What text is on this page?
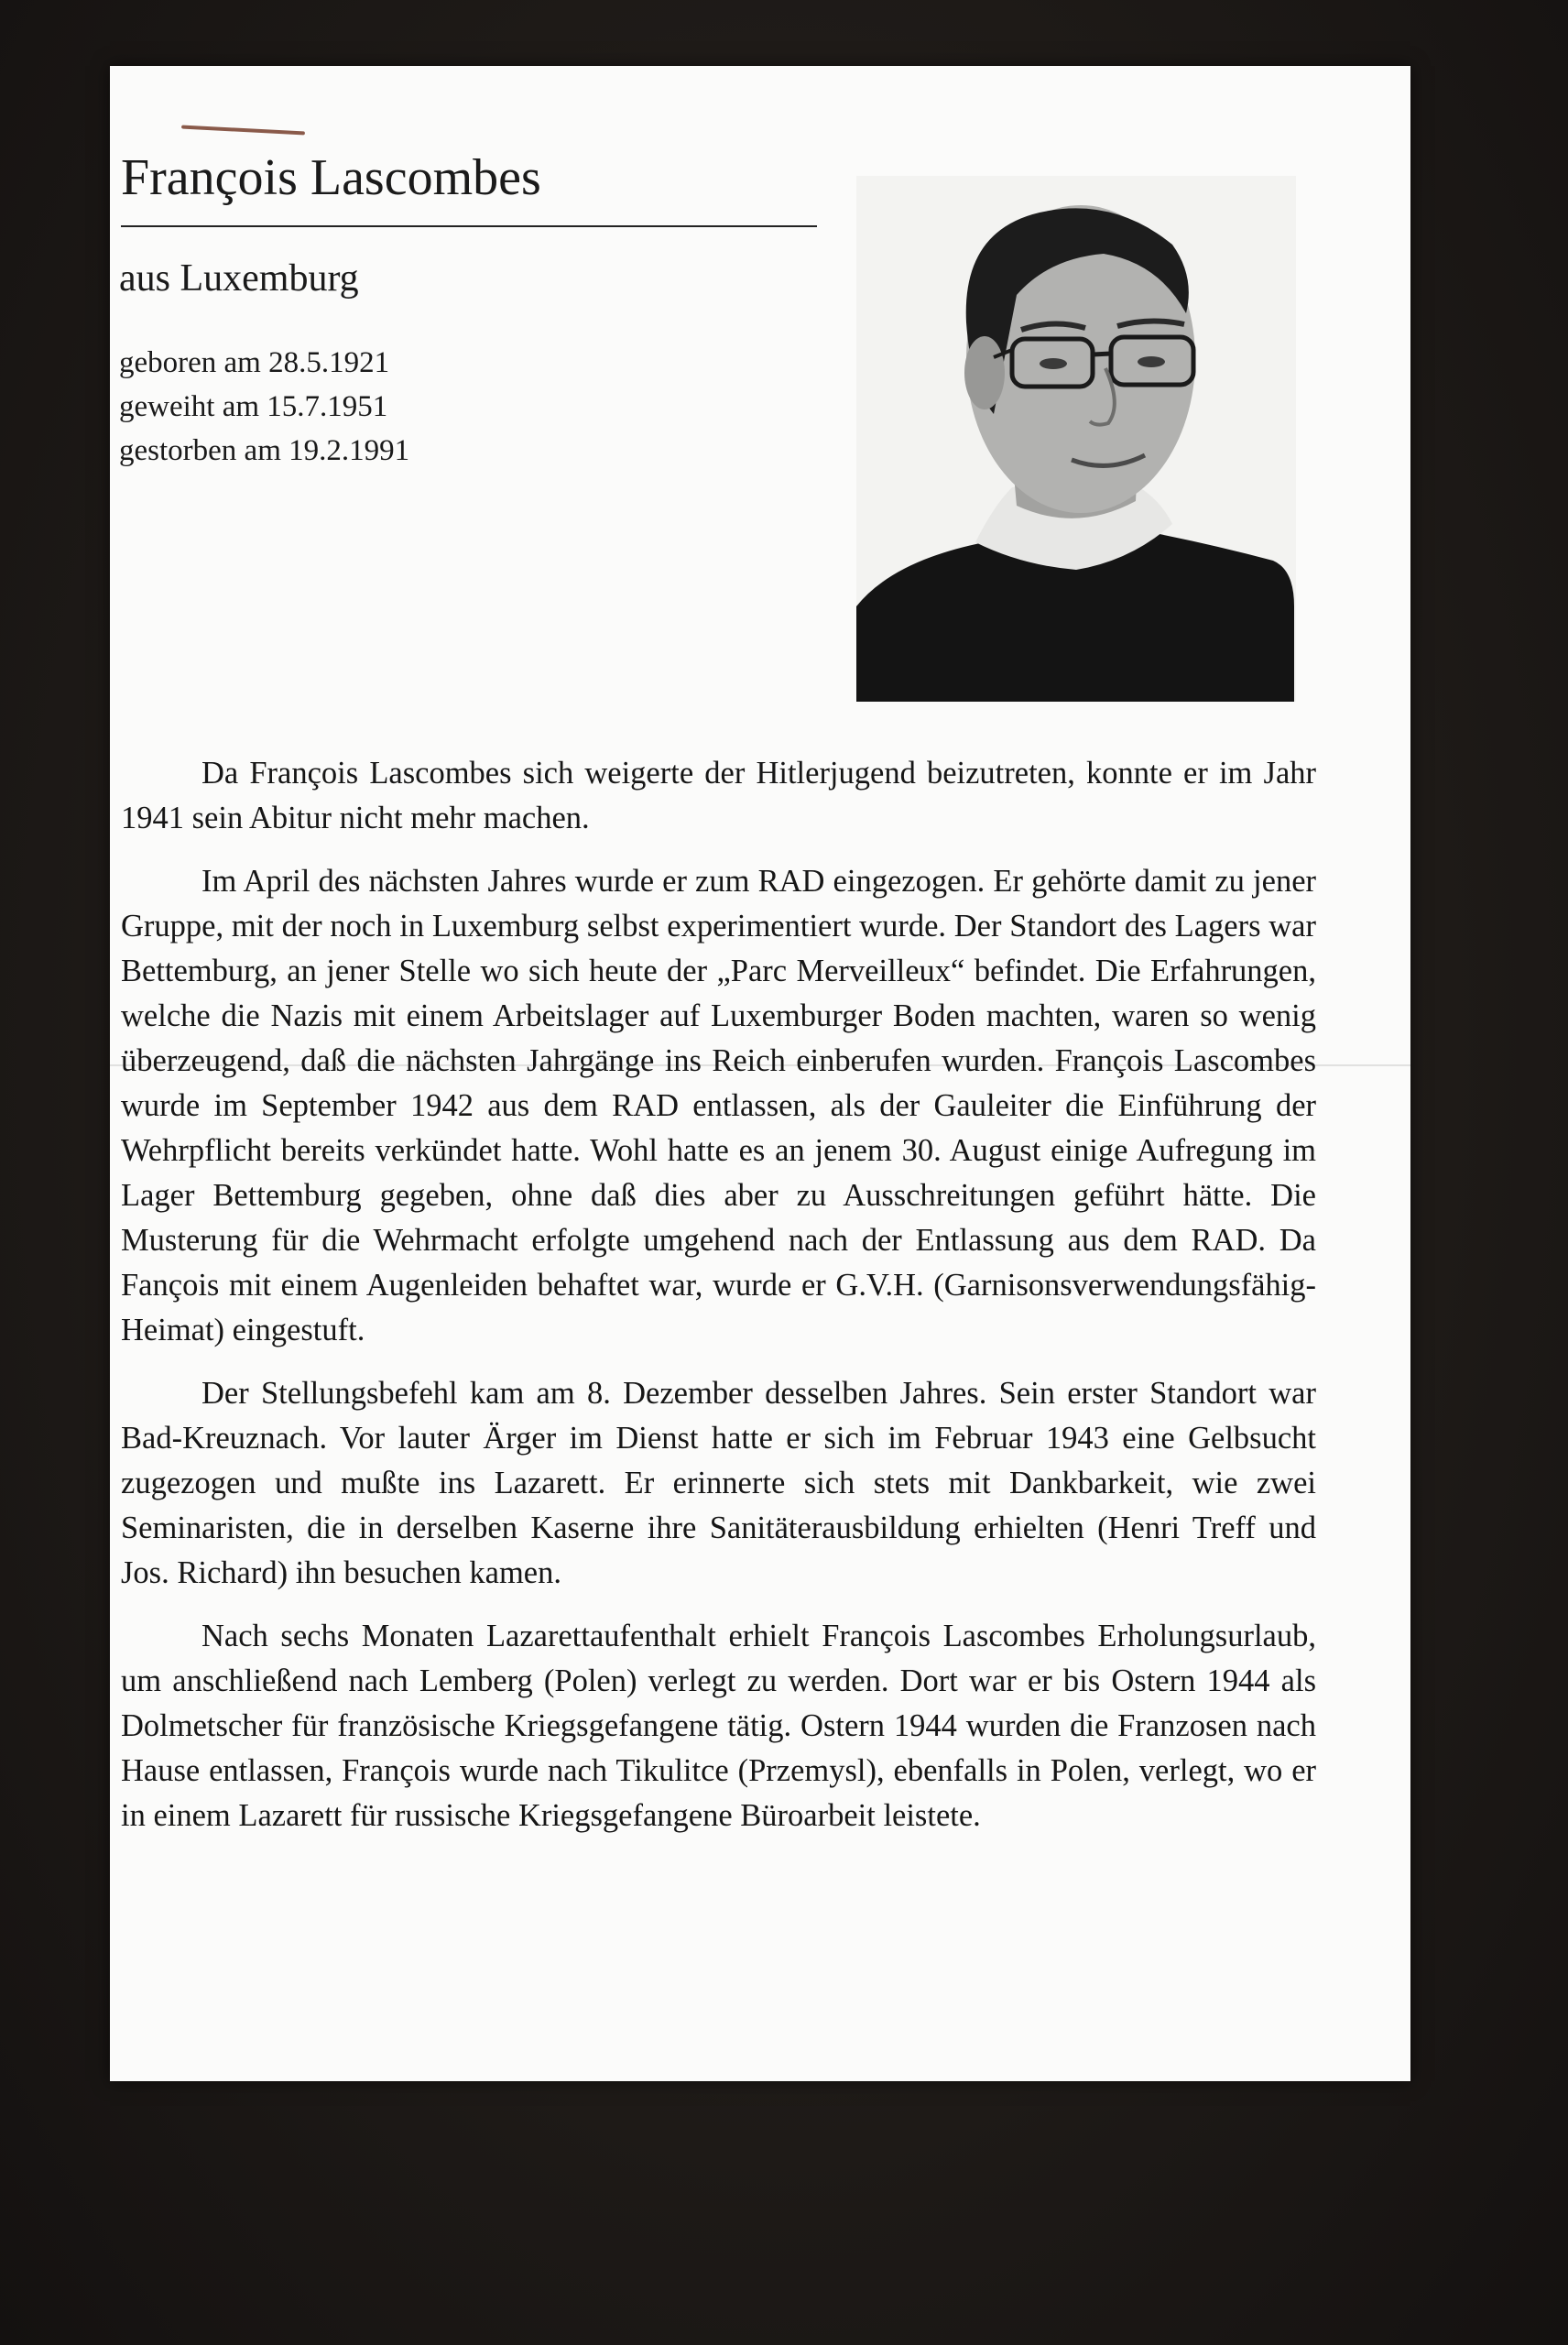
François Lascombes
aus Luxemburg
geboren am 28.5.1921
geweiht am 15.7.1951
gestorben am 19.2.1991

Da François Lascombes sich weigerte der Hitlerjugend beizutreten, konnte er im Jahr 1941 sein Abitur nicht mehr machen.

Im April des nächsten Jahres wurde er zum RAD eingezogen. Er gehörte damit zu jener Gruppe, mit der noch in Luxemburg selbst experimentiert wurde. Der Standort des Lagers war Bettemburg, an jener Stelle wo sich heute der „Parc Merveilleux“ befindet. Die Erfahrungen, welche die Nazis mit einem Arbeitslager auf Luxemburger Boden machten, waren so wenig überzeugend, daß die nächsten Jahrgänge ins Reich einberufen wurden. François Lascombes wurde im September 1942 aus dem RAD entlassen, als der Gauleiter die Einführung der Wehrpflicht bereits verkündet hatte. Wohl hatte es an jenem 30. August einige Aufregung im Lager Bettemburg gegeben, ohne daß dies aber zu Ausschreitungen geführt hätte. Die Musterung für die Wehrmacht erfolgte umgehend nach der Entlassung aus dem RAD. Da Fançois mit einem Augenleiden behaftet war, wurde er G.V.H. (Garnisonsverwendungsfähig-Heimat) eingestuft.

Der Stellungsbefehl kam am 8. Dezember desselben Jahres. Sein erster Standort war Bad-Kreuznach. Vor lauter Ärger im Dienst hatte er sich im Februar 1943 eine Gelbsucht zugezogen und mußte ins Lazarett. Er erinnerte sich stets mit Dankbarkeit, wie zwei Seminaristen, die in derselben Kaserne ihre Sanitäterausbildung erhielten (Henri Treff und Jos. Richard) ihn besuchen kamen.

Nach sechs Monaten Lazarettaufenthalt erhielt François Lascombes Erholungsurlaub, um anschließend nach Lemberg (Polen) verlegt zu werden. Dort war er bis Ostern 1944 als Dolmetscher für französische Kriegsgefangene tätig. Ostern 1944 wurden die Franzosen nach Hause entlassen, François wurde nach Tikulitce (Przemysl), ebenfalls in Polen, verlegt, wo er in einem Lazarett für russische Kriegsgefangene Büroarbeit leistete.
